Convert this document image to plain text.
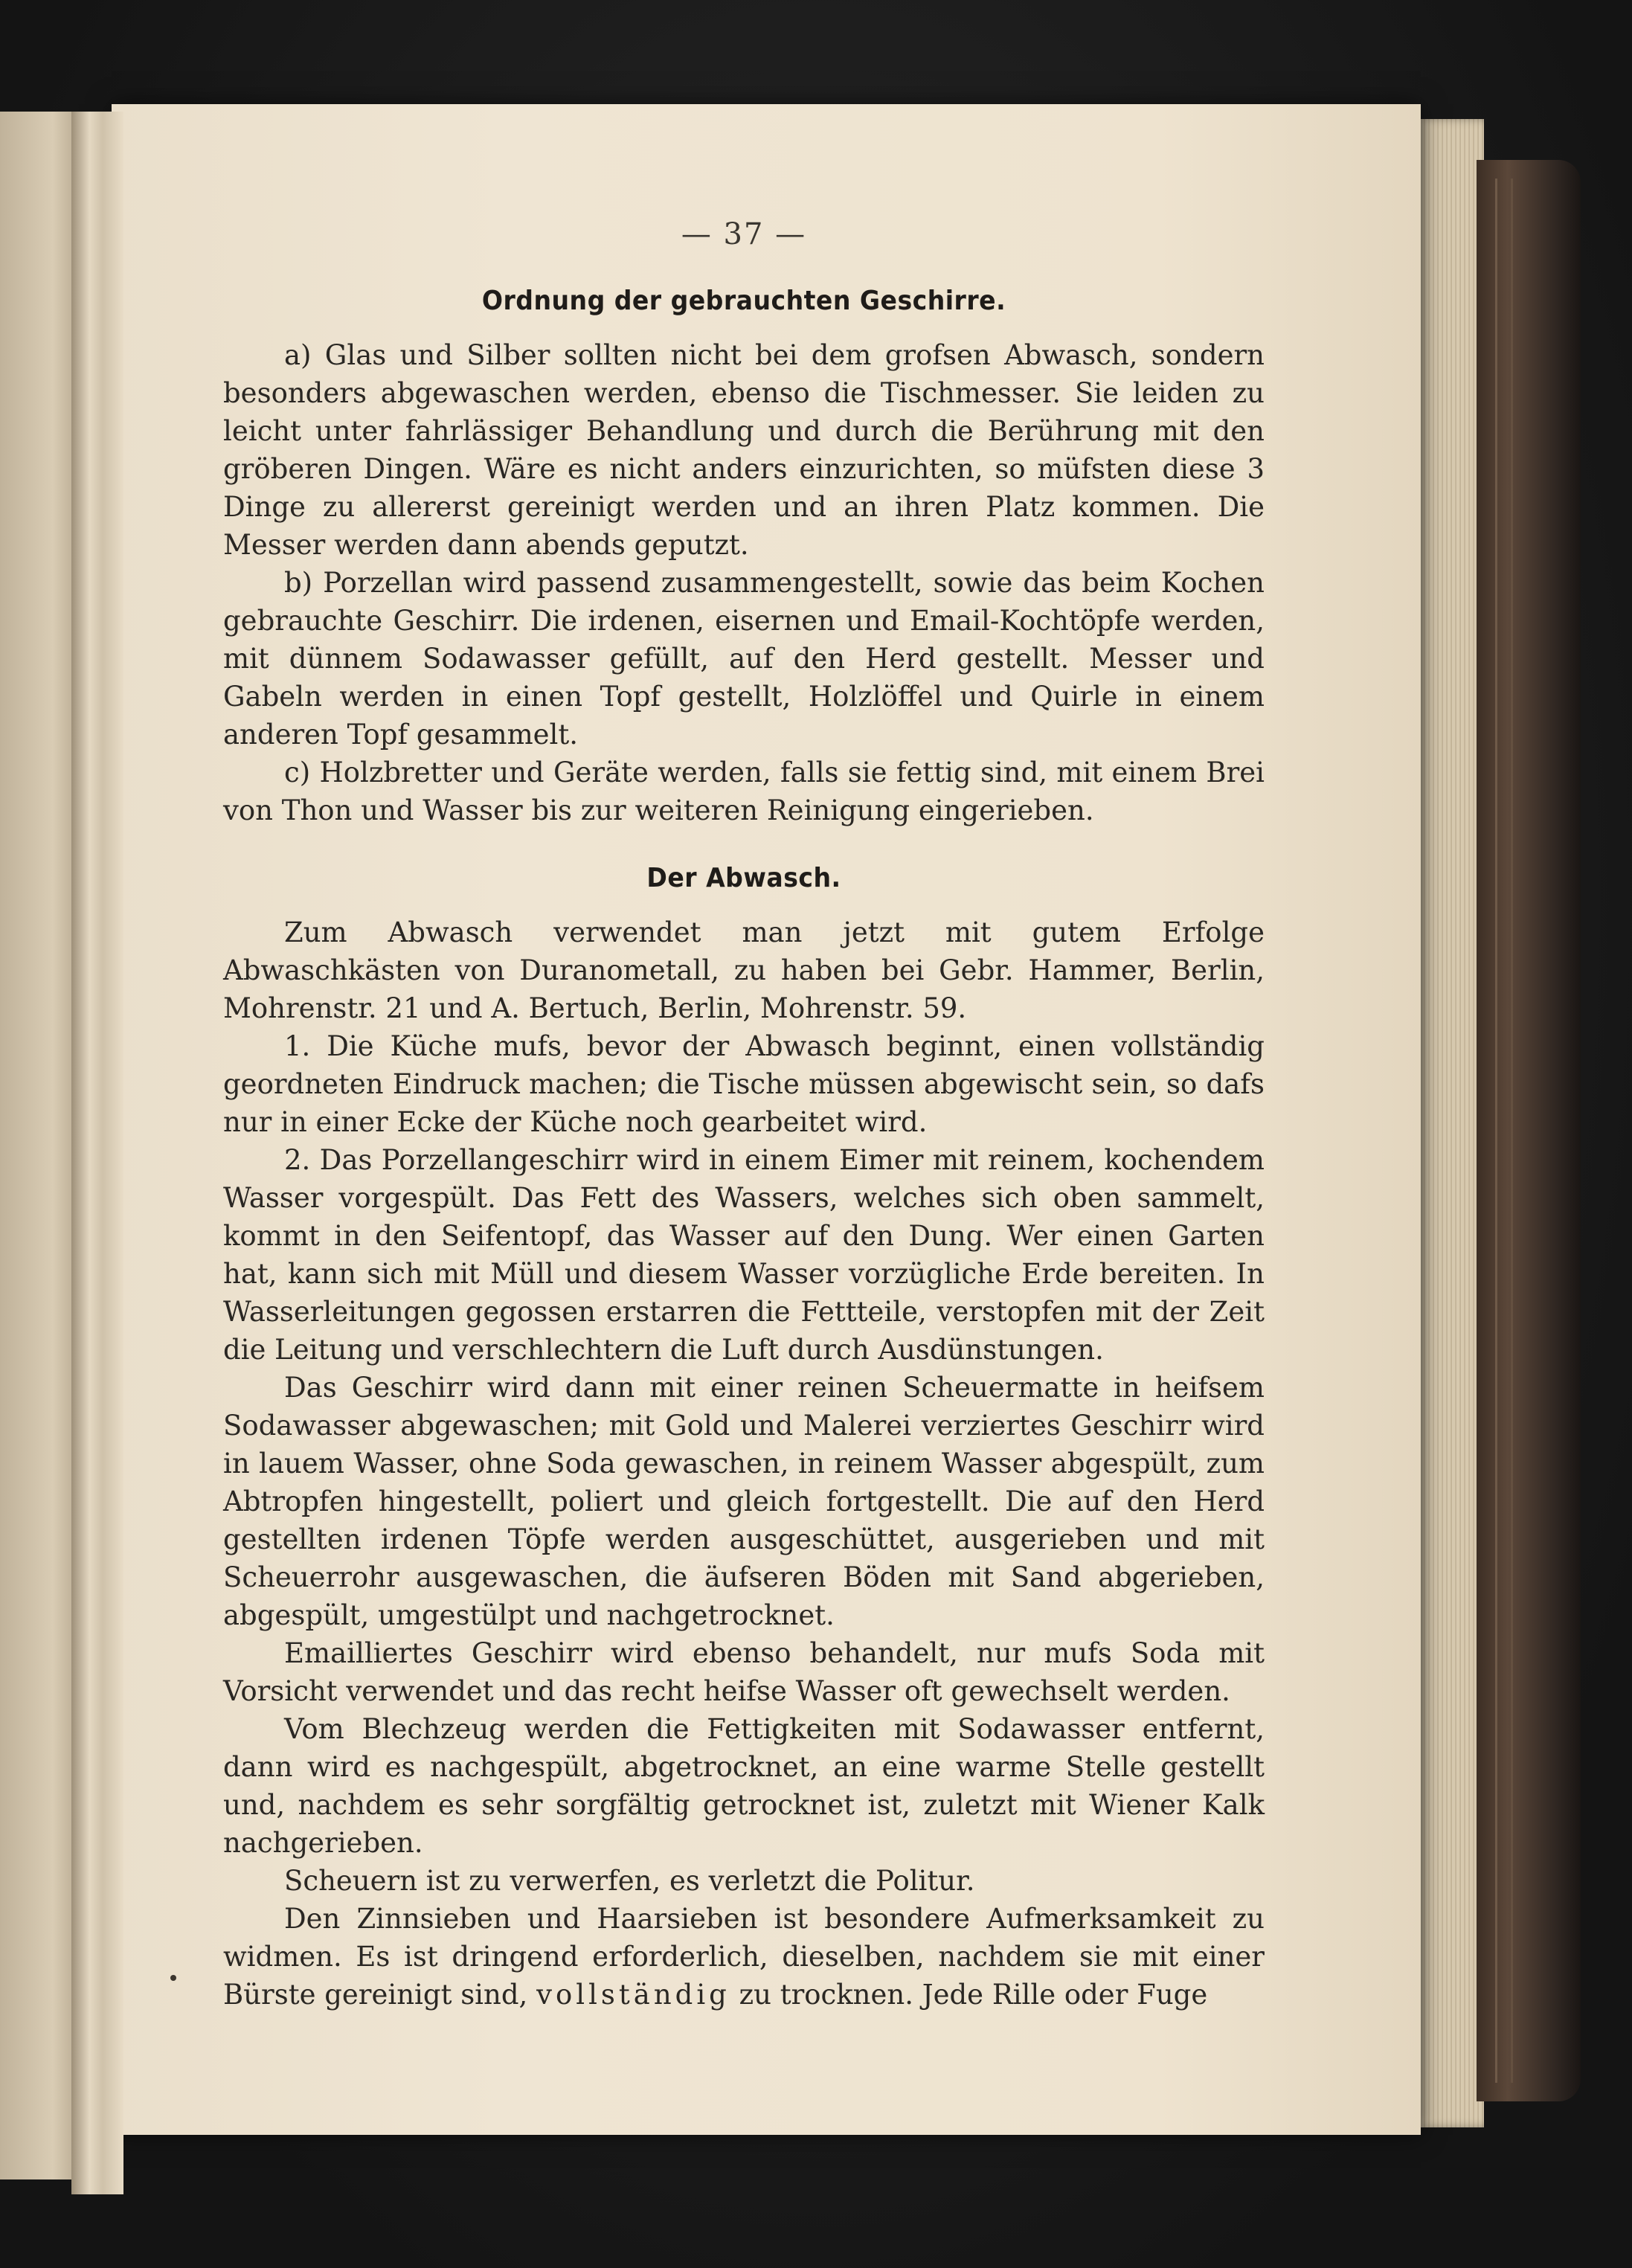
— 37 —
Ordnung der gebrauchten Geschirre.

a) Glas und Silber sollten nicht bei dem grofsen Abwasch, sondern besonders abgewaschen werden, ebenso die Tischmesser. Sie leiden zu leicht unter fahrlässiger Behandlung und durch die Berührung mit den gröberen Dingen. Wäre es nicht anders einzurichten, so müfsten diese 3 Dinge zu allererst gereinigt werden und an ihren Platz kommen. Die Messer werden dann abends geputzt.

b) Porzellan wird passend zusammengestellt, sowie das beim Kochen gebrauchte Geschirr. Die irdenen, eisernen und Email-Kochtöpfe werden, mit dünnem Sodawasser gefüllt, auf den Herd gestellt. Messer und Gabeln werden in einen Topf gestellt, Holzlöffel und Quirle in einem anderen Topf gesammelt.

c) Holzbretter und Geräte werden, falls sie fettig sind, mit einem Brei von Thon und Wasser bis zur weiteren Reinigung eingerieben.

Der Abwasch.

Zum Abwasch verwendet man jetzt mit gutem Erfolge Abwaschkästen von Duranometall, zu haben bei Gebr. Hammer, Berlin, Mohrenstr. 21 und A. Bertuch, Berlin, Mohrenstr. 59.

1. Die Küche mufs, bevor der Abwasch beginnt, einen vollständig geordneten Eindruck machen; die Tische müssen abgewischt sein, so dafs nur in einer Ecke der Küche noch gearbeitet wird.

2. Das Porzellangeschirr wird in einem Eimer mit reinem, kochendem Wasser vorgespült. Das Fett des Wassers, welches sich oben sammelt, kommt in den Seifentopf, das Wasser auf den Dung. Wer einen Garten hat, kann sich mit Müll und diesem Wasser vorzügliche Erde bereiten. In Wasserleitungen gegossen erstarren die Fettteile, verstopfen mit der Zeit die Leitung und verschlechtern die Luft durch Ausdünstungen.

Das Geschirr wird dann mit einer reinen Scheuermatte in heifsem Sodawasser abgewaschen; mit Gold und Malerei verziertes Geschirr wird in lauem Wasser, ohne Soda gewaschen, in reinem Wasser abgespült, zum Abtropfen hingestellt, poliert und gleich fortgestellt. Die auf den Herd gestellten irdenen Töpfe werden ausgeschüttet, ausgerieben und mit Scheuerrohr ausgewaschen, die äufseren Böden mit Sand abgerieben, abgespült, umgestülpt und nachgetrocknet.

Emailliertes Geschirr wird ebenso behandelt, nur mufs Soda mit Vorsicht verwendet und das recht heifse Wasser oft gewechselt werden.

Vom Blechzeug werden die Fettigkeiten mit Sodawasser entfernt, dann wird es nachgespült, abgetrocknet, an eine warme Stelle gestellt und, nachdem es sehr sorgfältig getrocknet ist, zuletzt mit Wiener Kalk nachgerieben.

Scheuern ist zu verwerfen, es verletzt die Politur.

Den Zinnsieben und Haarsieben ist besondere Aufmerksamkeit zu widmen. Es ist dringend erforderlich, dieselben, nachdem sie mit einer Bürste gereinigt sind, vollständig zu trocknen. Jede Rille oder Fuge
